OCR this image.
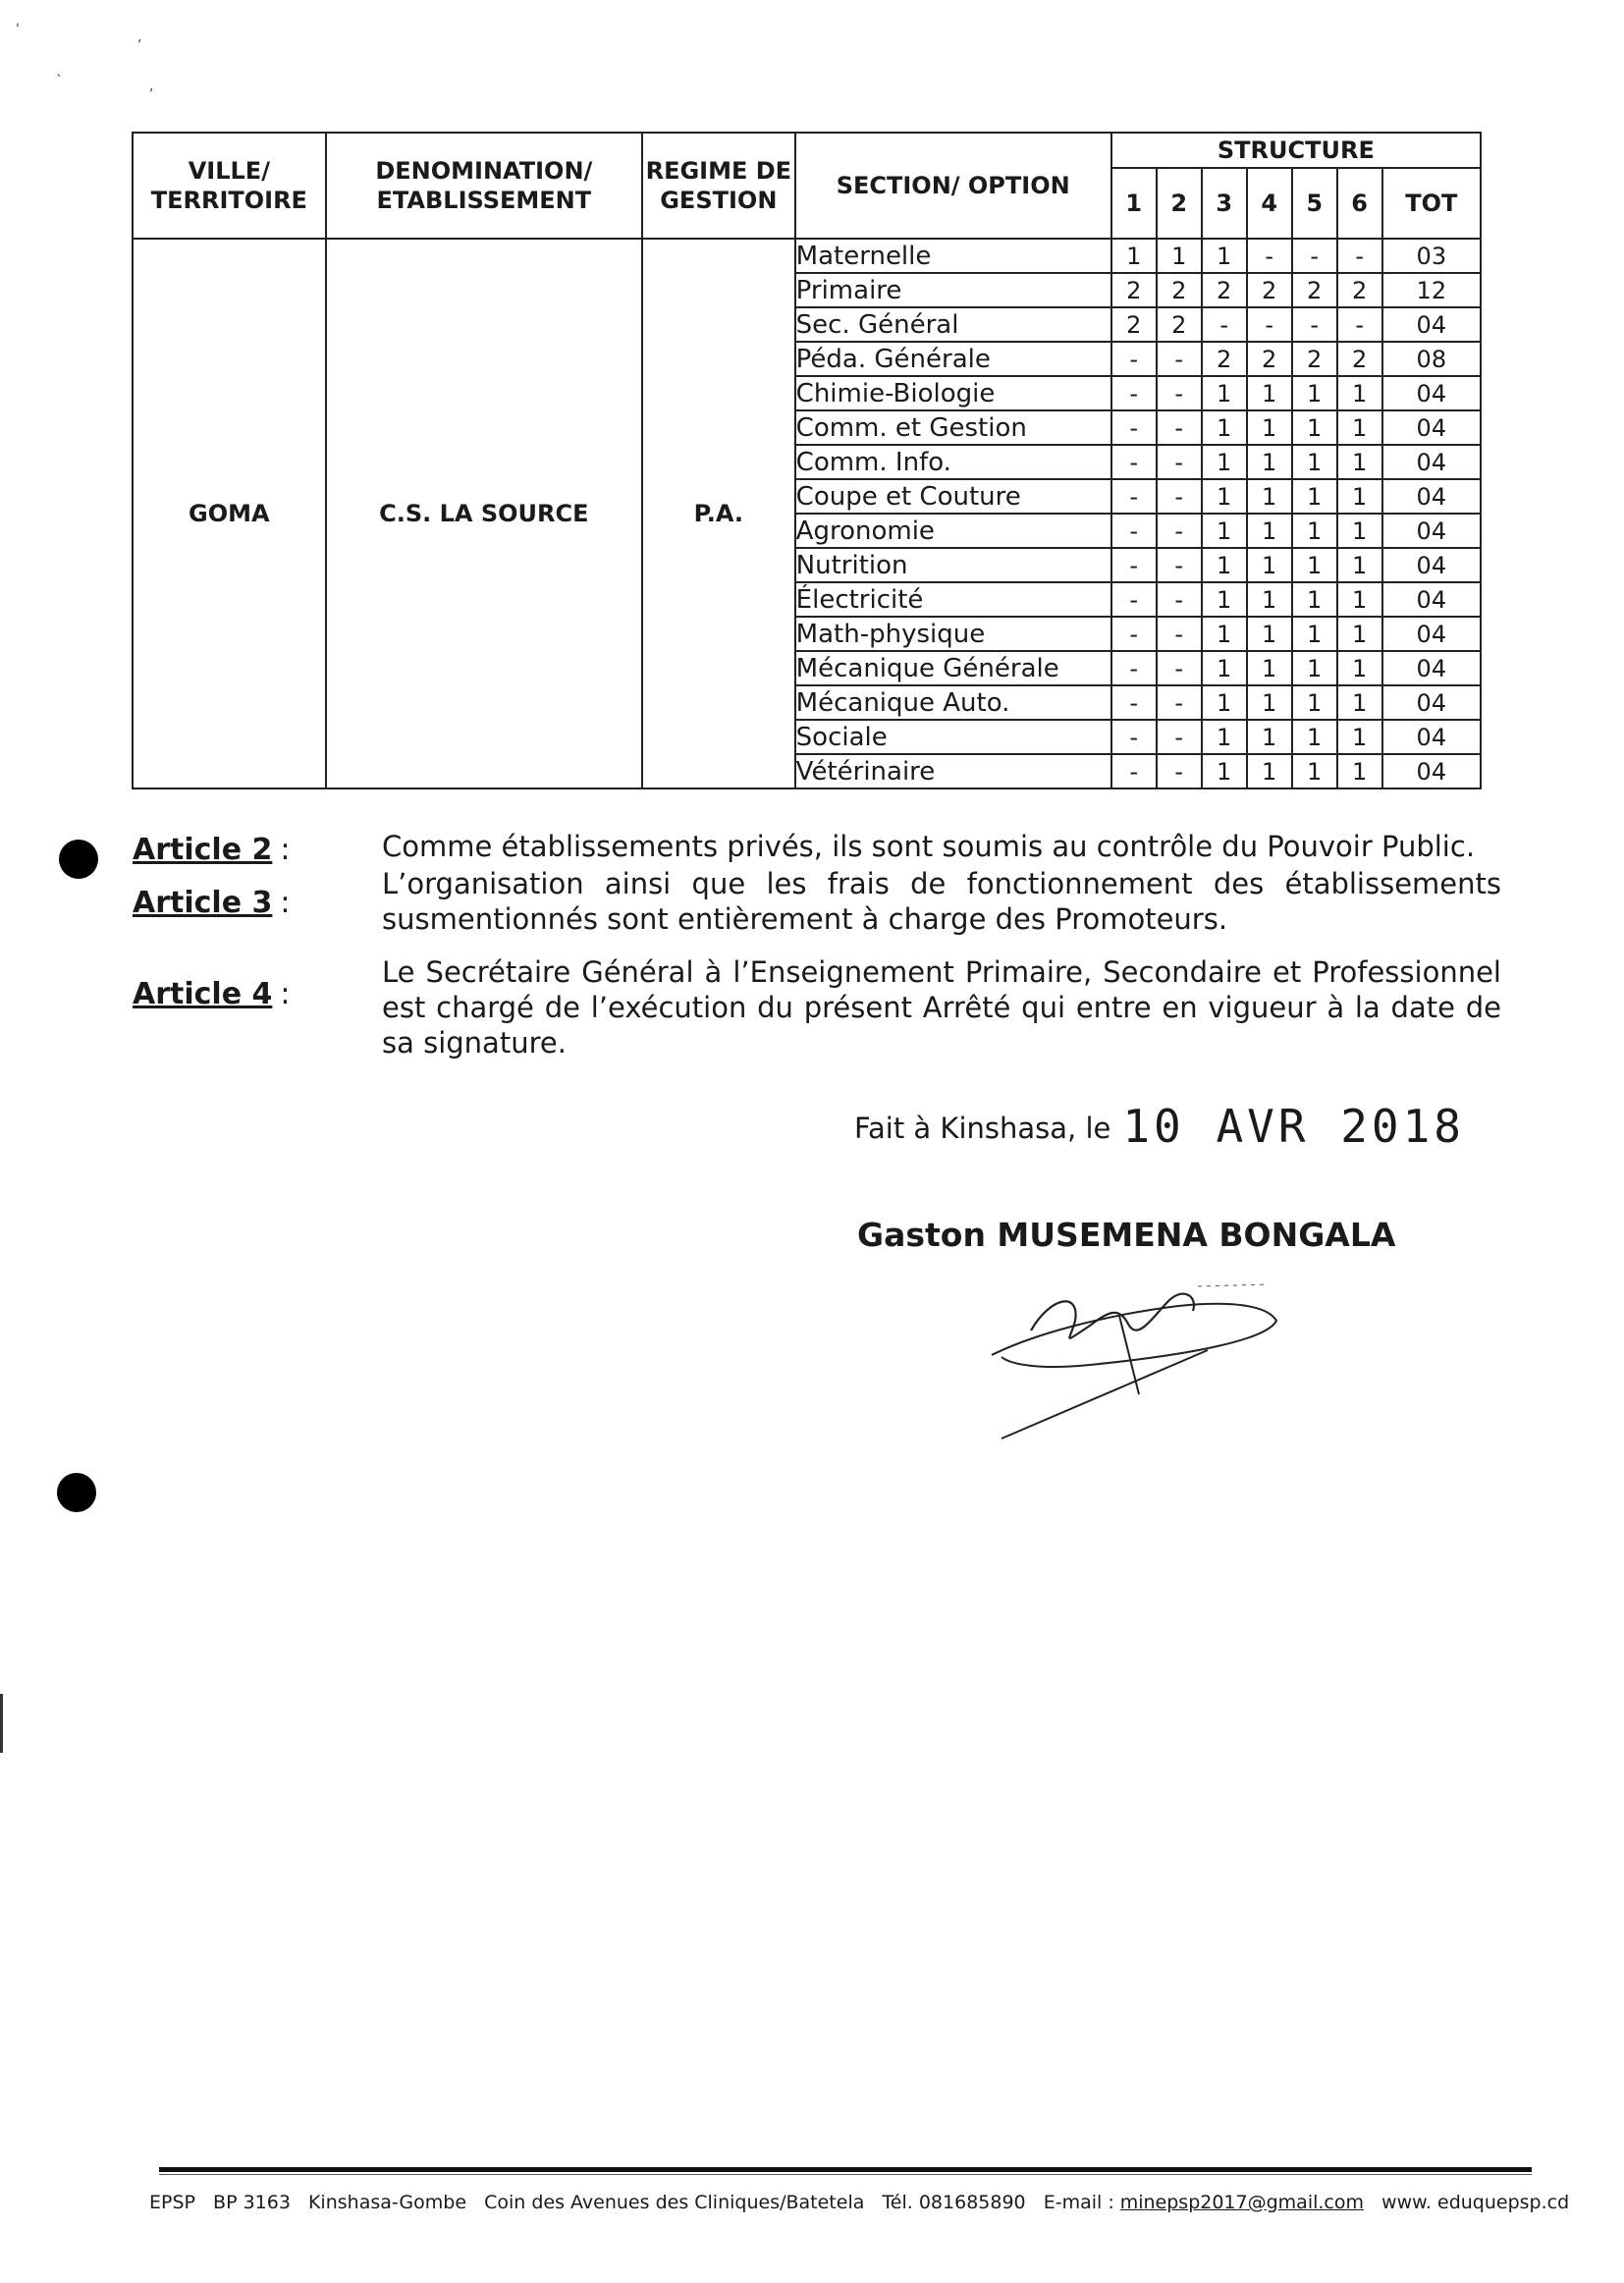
'	,
`	,
VILLE/ TERRITOIRE	DENOMINATION/ ETABLISSEMENT	REGIME DE GESTION	SECTION/ OPTION	STRUCTURE						
				1	2	3	4	5	6	TOT
GOMA	C.S. LA SOURCE	P.A.	Maternelle	1	1	1	-	-	-	03
			Primaire	2	2	2	2	2	2	12
			Sec. Général	2	2	-	-	-	-	04
			Péda. Générale	-	-	2	2	2	2	08
			Chimie-Biologie	-	-	1	1	1	1	04
			Comm. et Gestion	-	-	1	1	1	1	04
			Comm. Info.	-	-	1	1	1	1	04
			Coupe et Couture	-	-	1	1	1	1	04
			Agronomie	-	-	1	1	1	1	04
			Nutrition	-	-	1	1	1	1	04
			Électricité	-	-	1	1	1	1	04
			Math-physique	-	-	1	1	1	1	04
			Mécanique Générale	-	-	1	1	1	1	04
			Mécanique Auto.	-	-	1	1	1	1	04
			Sociale	-	-	1	1	1	1	04
			Vétérinaire	-	-	1	1	1	1	04
Article 2 :	Comme établissements privés, ils sont soumis au contrôle du Pouvoir Public.
Article 3 :
L’organisation ainsi que les frais de fonctionnement des établissements susmentionnés sont entièrement à charge des Promoteurs.
Article 4 :
Le Secrétaire Général à l’Enseignement Primaire, Secondaire et Professionnel est chargé de l’exécution du présent Arrêté qui entre en vigueur à la date de sa signature.
Fait à Kinshasa, le 10 AVR 2018
Gaston MUSEMENA BONGALA
EPSP BP 3163 Kinshasa-Gombe Coin des Avenues des Cliniques/Batetela Tél. 081685890 E-mail : minepsp2017@gmail.com www. eduquepsp.cd
